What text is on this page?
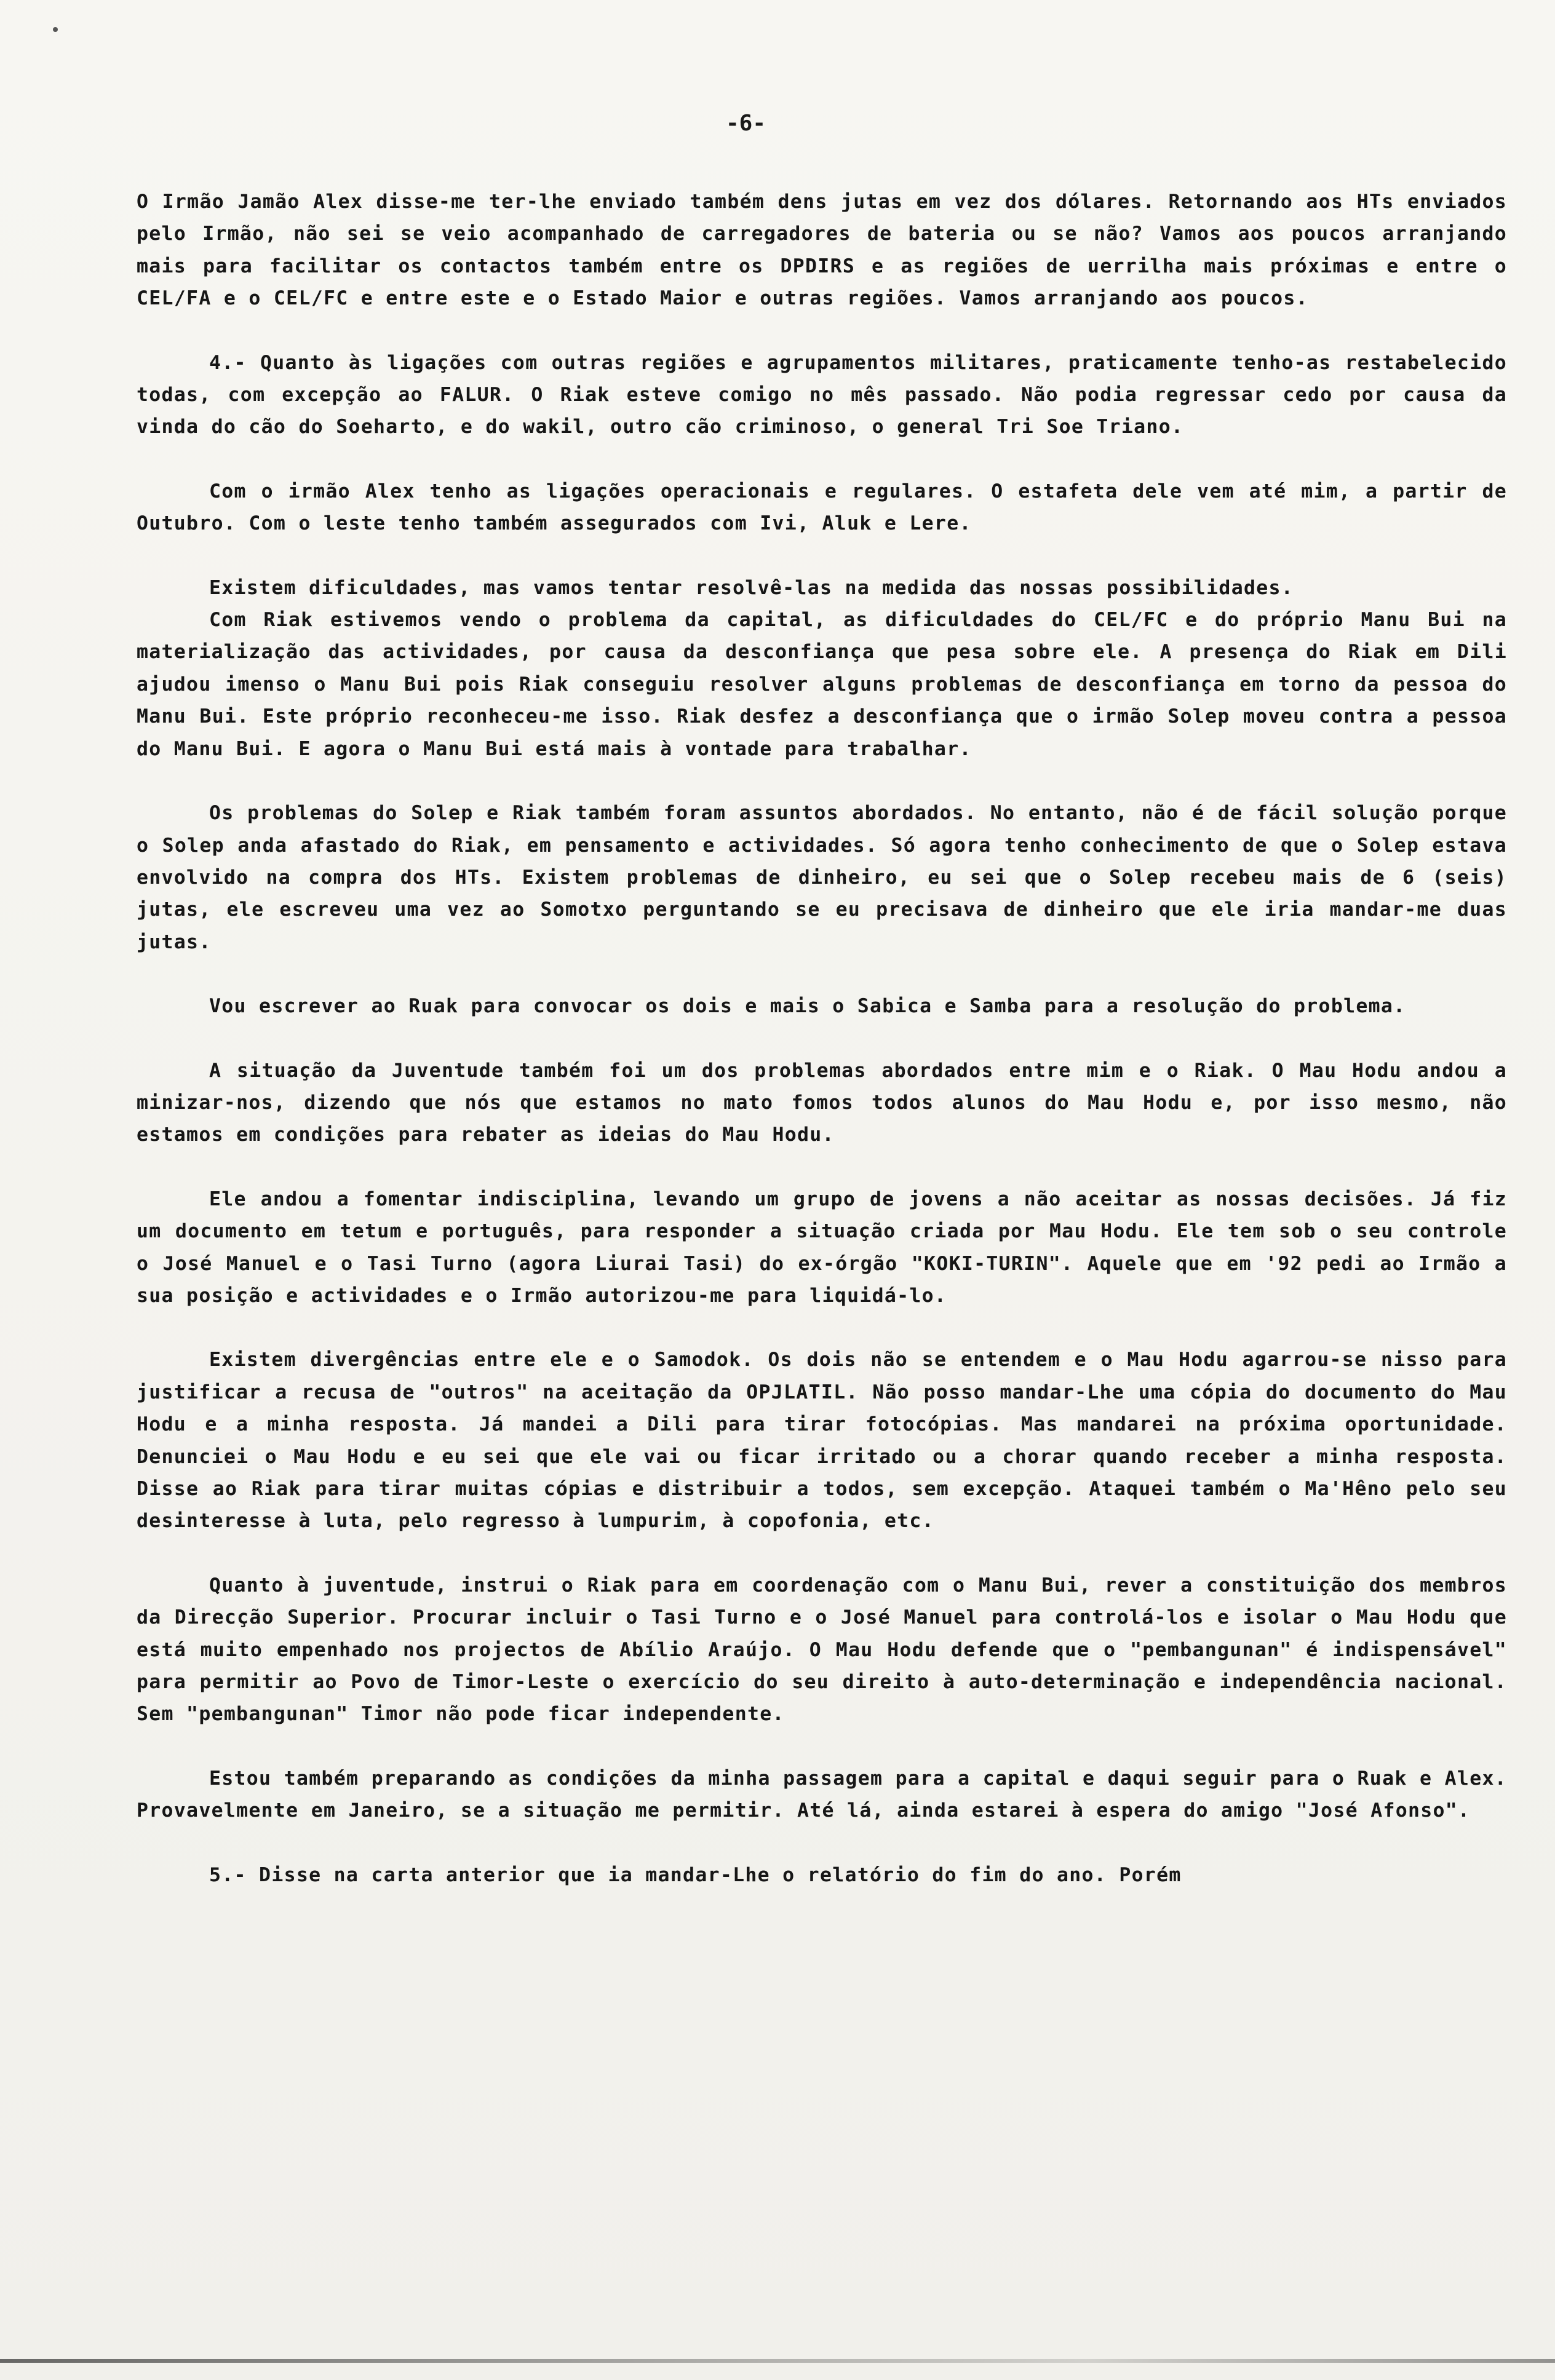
-6-

O Irmão Jamão Alex disse-me ter-lhe enviado também dens jutas em vez dos dólares. Retornando aos HTs enviados pelo Irmão, não sei se veio acompanhado de carregadores de bateria ou se não? Vamos aos poucos arranjando mais para facilitar os contactos também entre os DPDIRS e as regiões de uerrilha mais próximas e entre o CEL/FA e o CEL/FC e entre este e o Estado Maior e outras regiões. Vamos arranjando aos poucos.

4.- Quanto às ligações com outras regiões e agrupamentos militares, praticamente tenho-as restabelecido todas, com excepção ao FALUR. O Riak esteve comigo no mês passado. Não podia regressar cedo por causa da vinda do cão do Soeharto, e do wakil, outro cão criminoso, o general Tri Soe Triano.

Com o irmão Alex tenho as ligações operacionais e regulares. O estafeta dele vem até mim, a partir de Outubro. Com o leste tenho também assegurados com Ivi, Aluk e Lere.

Existem dificuldades, mas vamos tentar resolvê-las na medida das nossas possibilidades.

Com Riak estivemos vendo o problema da capital, as dificuldades do CEL/FC e do próprio Manu Bui na materialização das actividades, por causa da desconfiança que pesa sobre ele. A presença do Riak em Dili ajudou imenso o Manu Bui pois Riak conseguiu resolver alguns problemas de desconfiança em torno da pessoa do Manu Bui. Este próprio reconheceu-me isso. Riak desfez a desconfiança que o irmão Solep moveu contra a pessoa do Manu Bui. E agora o Manu Bui está mais à vontade para trabalhar.

Os problemas do Solep e Riak também foram assuntos abordados. No entanto, não é de fácil solução porque o Solep anda afastado do Riak, em pensamento e actividades. Só agora tenho conhecimento de que o Solep estava envolvido na compra dos HTs. Existem problemas de dinheiro, eu sei que o Solep recebeu mais de 6 (seis) jutas, ele escreveu uma vez ao Somotxo perguntando se eu precisava de dinheiro que ele iria mandar-me duas jutas.

Vou escrever ao Ruak para convocar os dois e mais o Sabica e Samba para a resolução do problema.

A situação da Juventude também foi um dos problemas abordados entre mim e o Riak. O Mau Hodu andou a minizar-nos, dizendo que nós que estamos no mato fomos todos alunos do Mau Hodu e, por isso mesmo, não estamos em condições para rebater as ideias do Mau Hodu.

Ele andou a fomentar indisciplina, levando um grupo de jovens a não aceitar as nossas decisões. Já fiz um documento em tetum e português, para responder a situação criada por Mau Hodu. Ele tem sob o seu controle o José Manuel e o Tasi Turno (agora Liurai Tasi) do ex-órgão "KOKI-TURIN". Aquele que em '92 pedi ao Irmão a sua posição e actividades e o Irmão autorizou-me para liquidá-lo.

Existem divergências entre ele e o Samodok. Os dois não se entendem e o Mau Hodu agarrou-se nisso para justificar a recusa de "outros" na aceitação da OPJLATIL. Não posso mandar-Lhe uma cópia do documento do Mau Hodu e a minha resposta. Já mandei a Dili para tirar fotocópias. Mas mandarei na próxima oportunidade. Denunciei o Mau Hodu e eu sei que ele vai ou ficar irritado ou a chorar quando receber a minha resposta. Disse ao Riak para tirar muitas cópias e distribuir a todos, sem excepção. Ataquei também o Ma'Hêno pelo seu desinteresse à luta, pelo regresso à lumpurim, à copofonia, etc.

Quanto à juventude, instrui o Riak para em coordenação com o Manu Bui, rever a constituição dos membros da Direcção Superior. Procurar incluir o Tasi Turno e o José Manuel para controlá-los e isolar o Mau Hodu que está muito empenhado nos projectos de Abílio Araújo. O Mau Hodu defende que o "pembangunan" é indispensável" para permitir ao Povo de Timor-Leste o exercício do seu direito à auto-determinação e independência nacional. Sem "pembangunan" Timor não pode ficar independente.

Estou também preparando as condições da minha passagem para a capital e daqui seguir para o Ruak e Alex. Provavelmente em Janeiro, se a situação me permitir. Até lá, ainda estarei à espera do amigo "José Afonso".

5.- Disse na carta anterior que ia mandar-Lhe o relatório do fim do ano. Porém
